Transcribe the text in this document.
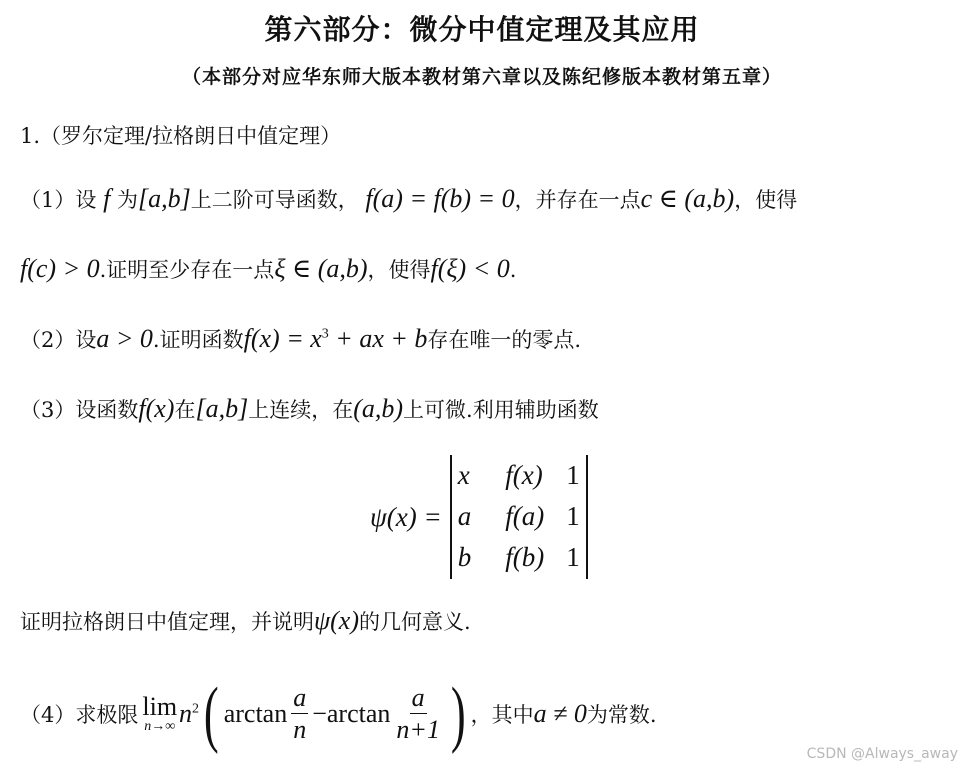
第六部分：微分中值定理及其应用
（本部分对应华东师大版本教材第六章以及陈纪修版本教材第五章）
1.（罗尔定理/拉格朗日中值定理）
（1）设 f 为[a,b]上二阶可导函数， f(a) = f(b) = 0，并存在一点c ∈ (a,b)，使得
f(c) > 0.证明至少存在一点ξ ∈ (a,b)，使得f(ξ) < 0.
（2）设a > 0.证明函数$f(x) = x^3$ + ax + b存在唯一的零点.
（3）设函数f(x)在[a,b]上连续，在(a,b)上可微.利用辅助函数
ψ(x) =
x	f(x)	1
a	f(a)	1
b	f(b)	1
证明拉格朗日中值定理，并说明ψ(x)的几何意义.
（4）求极限 lim
n→∞ $n^2$ ( $\arctan \frac{a}{n} - \arctan \frac{a}{n+1}$ ) ，其中 a ≠ 0 为常数.
CSDN @Always_away
